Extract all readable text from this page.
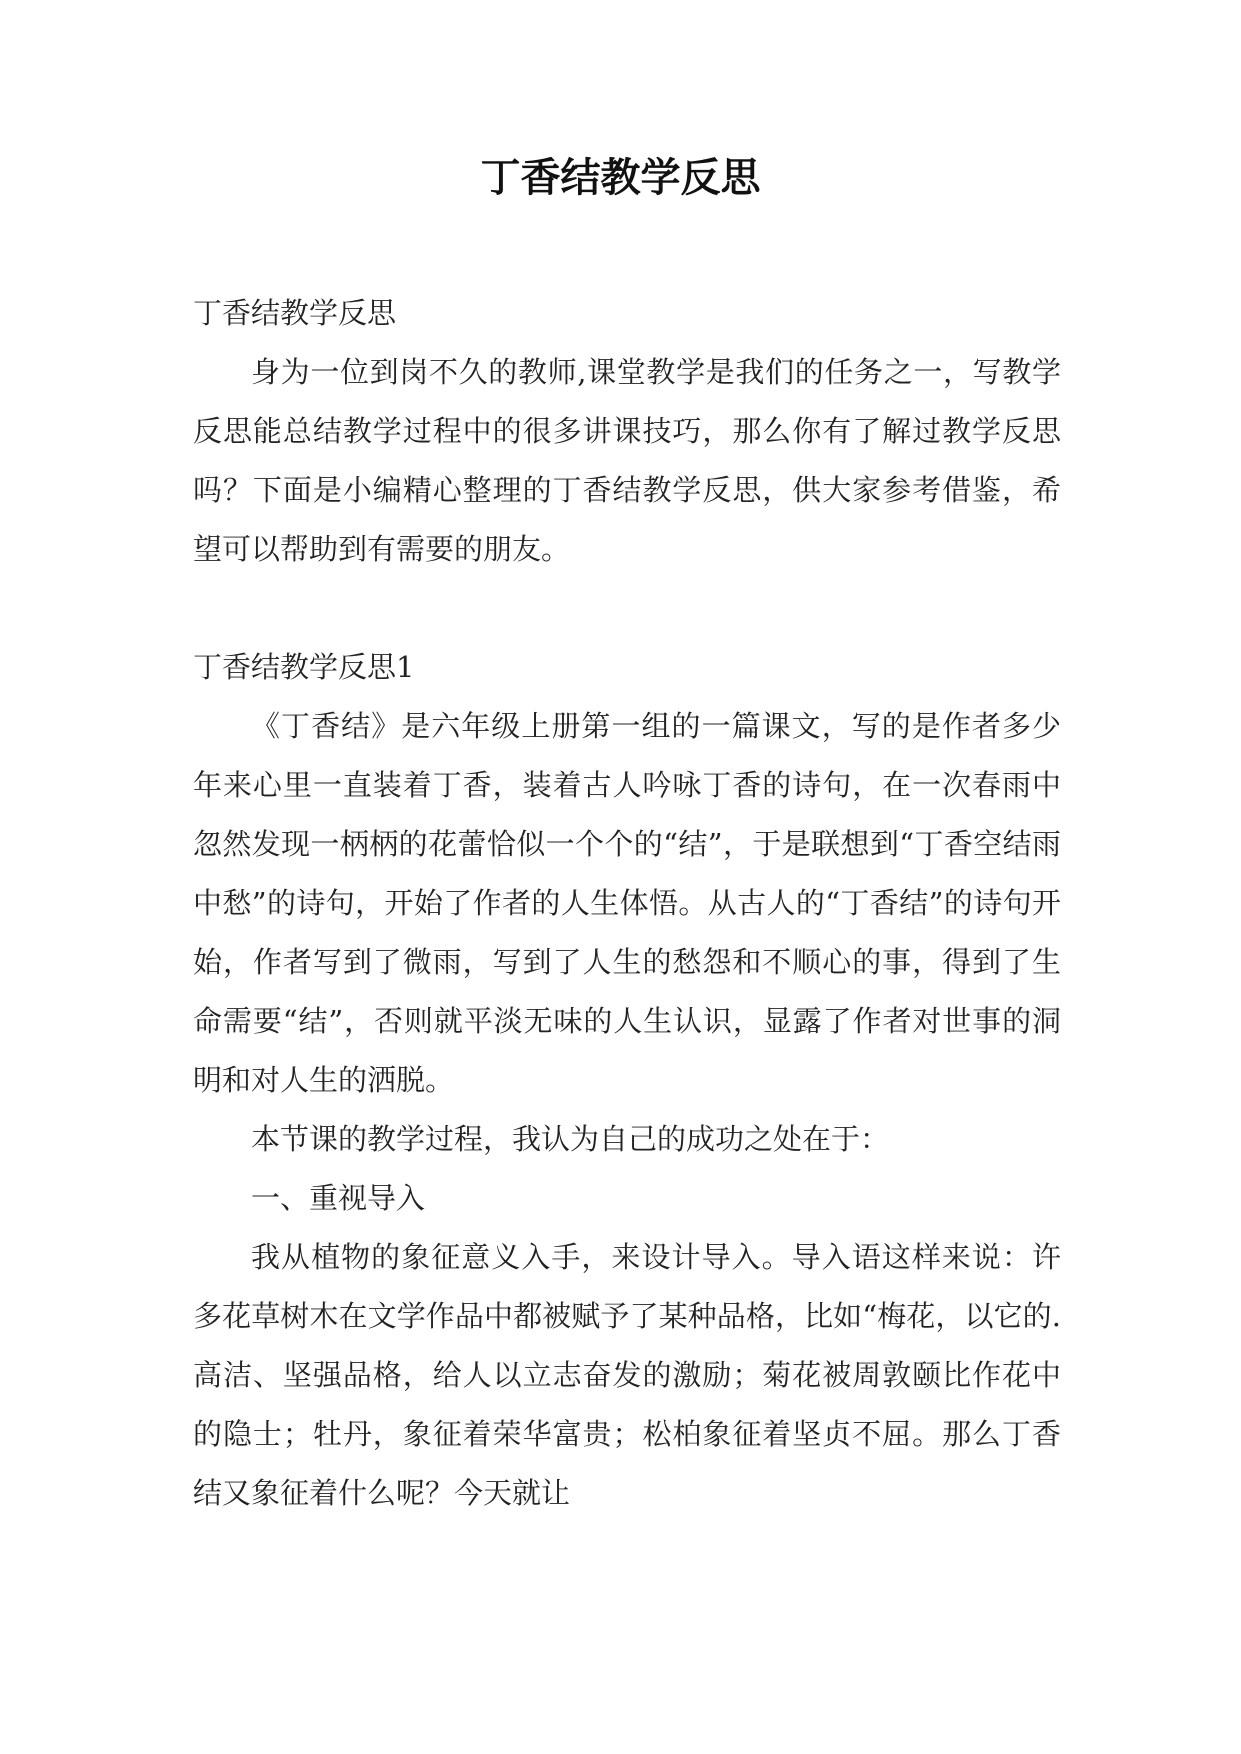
丁香结教学反思

丁香结教学反思

身为一位到岗不久的教师,课堂教学是我们的任务之一，写教学反思能总结教学过程中的很多讲课技巧，那么你有了解过教学反思吗？下面是小编精心整理的丁香结教学反思，供大家参考借鉴，希望可以帮助到有需要的朋友。

丁香结教学反思1

《丁香结》是六年级上册第一组的一篇课文，写的是作者多少年来心里一直装着丁香，装着古人吟咏丁香的诗句，在一次春雨中忽然发现一柄柄的花蕾恰似一个个的“结”，于是联想到“丁香空结雨中愁”的诗句，开始了作者的人生体悟。从古人的“丁香结”的诗句开始，作者写到了微雨，写到了人生的愁怨和不顺心的事，得到了生命需要“结”，否则就平淡无味的人生认识，显露了作者对世事的洞明和对人生的洒脱。

本节课的教学过程，我认为自己的成功之处在于：

一、重视导入

我从植物的象征意义入手，来设计导入。导入语这样来说：许多花草树木在文学作品中都被赋予了某种品格，比如“梅花，以它的.高洁、坚强品格，给人以立志奋发的激励；菊花被周敦颐比作花中的隐士；牡丹，象征着荣华富贵；松柏象征着坚贞不屈。那么丁香结又象征着什么呢？今天就让
